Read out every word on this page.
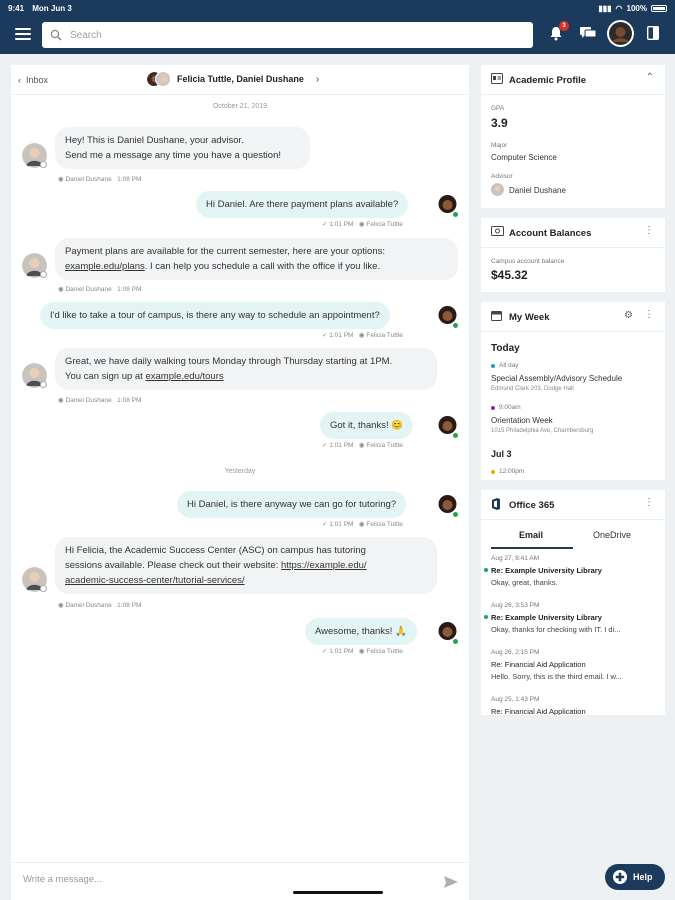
9:41 Mon Jun 3	▮▮▮ ◠ 100%
Search
3
‹ Inbox	Felicia Tuttle, Daniel Dushane ›
October 21, 2019
Hey! This is Daniel Dushane, your advisor.
Send me a message any time you have a question!
◉ Daniel Dushane 1:08 PM
Hi Daniel. Are there payment plans available?
✓ 1:01 PM   ◉ Felicia Tuttle
Payment plans are available for the current semester, here are your options:
example.edu/plans. I can help you schedule a call with the office if you like.
◉ Daniel Dushane 1:08 PM
I'd like to take a tour of campus, is there any way to schedule an appointment?
✓ 1:01 PM   ◉ Felicia Tuttle
Great, we have daily walking tours Monday through Thursday starting at 1PM.
You can sign up at example.edu/tours
◉ Daniel Dushane 1:08 PM
Got it, thanks! 😊
✓ 1:01 PM   ◉ Felicia Tuttle
Yesterday
Hi Daniel, is there anyway we can go for tutoring?
✓ 1:01 PM   ◉ Felicia Tuttle
Hi Felicia, the Academic Success Center (ASC) on campus has tutoring
sessions available. Please check out their website: https://example.edu/
academic-success-center/tutorial-services/
◉ Daniel Dushane 1:08 PM
Awesome, thanks! 🙏
✓ 1:01 PM   ◉ Felicia Tuttle
Write a message...
Academic Profile	⌃

GPA
3.9
Major
Computer Science
Advisor
Daniel Dushane
Account Balances	⋮
Campus account balance
$45.32
My Week	⚙ ⋮
Today
All day
Special Assembly/Advisory Schedule
Edmund Clark 203, Dodge Hall
9:00am
Orientation Week
1015 Philadelphia Ave, Chambersburg
Jul 3
12:00pm
Office 365	⋮
Email	OneDrive
Aug 27, 8:41 AM
Re: Example University Library
Okay, great, thanks.
Aug 26, 3:53 PM
Re: Example University Library
Okay, thanks for checking with IT. I di...
Aug 26, 2:15 PM
Re: Financial Aid Application
Hello. Sorry, this is the third email. I w...
Aug 25, 1:43 PM
Re: Financial Aid Application
✚ Help
